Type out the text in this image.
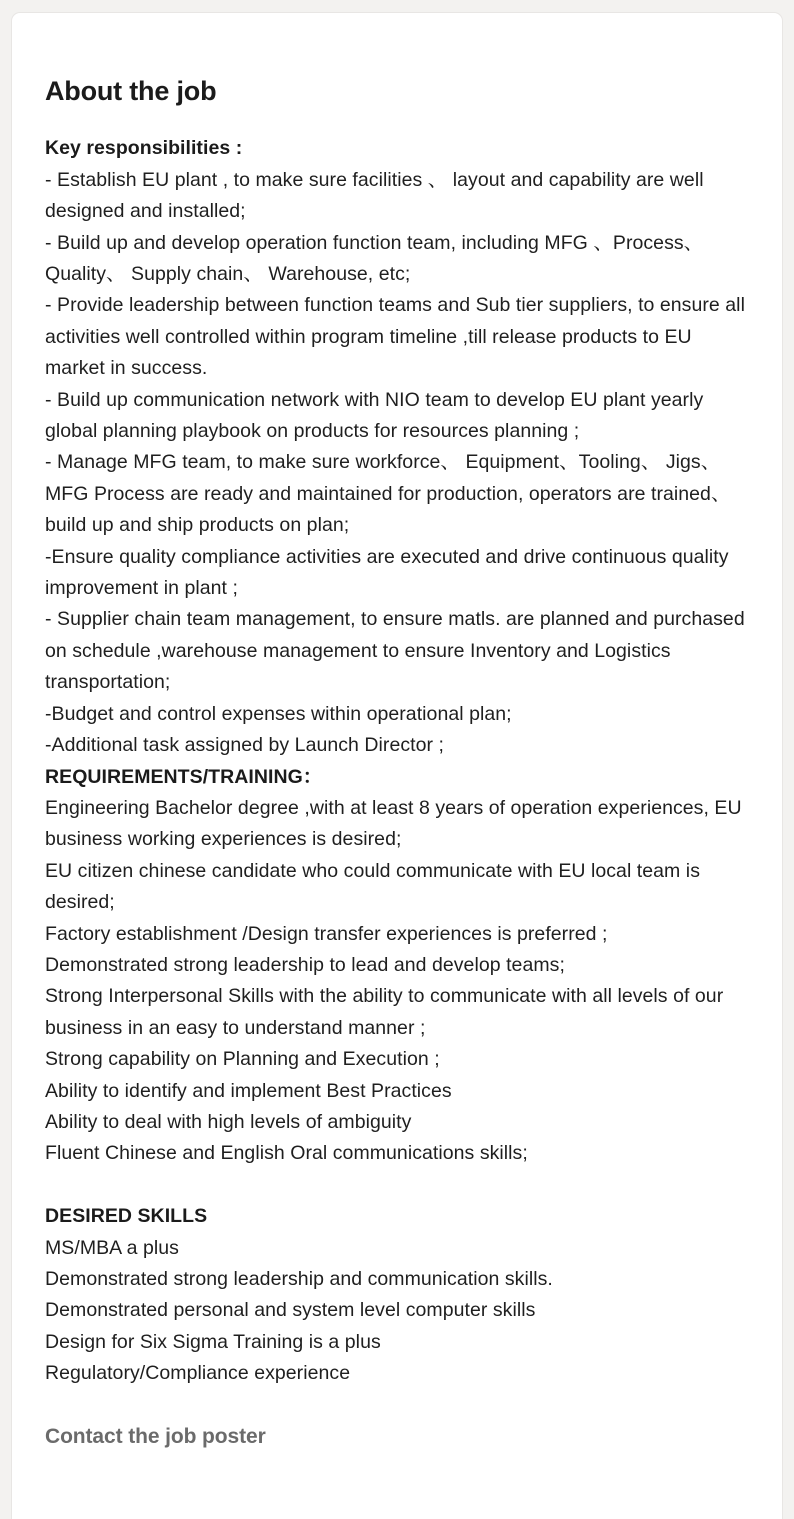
About the job
Key responsibilities :
- Establish EU plant , to make sure facilities 、 layout and capability are well designed and installed;
- Build up and develop operation function team, including MFG 、Process、 Quality、 Supply chain、 Warehouse, etc;
- Provide leadership between function teams and Sub tier suppliers, to ensure all activities well controlled within program timeline ,till release products to EU market in success.
- Build up communication network with NIO team to develop EU plant yearly global planning playbook on products for resources planning ;
- Manage MFG team, to make sure workforce、 Equipment、Tooling、 Jigs、 MFG Process are ready and maintained for production, operators are trained、  build up and ship products on plan;
-Ensure quality compliance activities are executed and drive continuous quality improvement in plant ;
- Supplier chain team management, to ensure matls. are planned and purchased on schedule ,warehouse management to ensure Inventory and Logistics transportation;
-Budget and control expenses within operational plan;
-Additional task assigned by Launch Director ;
REQUIREMENTS/TRAINING：
Engineering Bachelor degree ,with at least 8 years of operation experiences, EU business working experiences is desired;
EU citizen chinese candidate who could communicate with EU local team is desired;
Factory establishment /Design transfer experiences is preferred ;
Demonstrated strong leadership to lead and develop teams;
Strong Interpersonal Skills with the ability to communicate with all levels of our business in an easy to understand manner ;
Strong capability on Planning and Execution ;
Ability to identify and implement Best Practices
Ability to deal with high levels of ambiguity
Fluent Chinese and English Oral communications skills;

DESIRED SKILLS
MS/MBA a plus
Demonstrated strong leadership and communication skills.
Demonstrated personal and system level computer skills
Design for Six Sigma Training is a plus
Regulatory/Compliance experience
Contact the job poster
